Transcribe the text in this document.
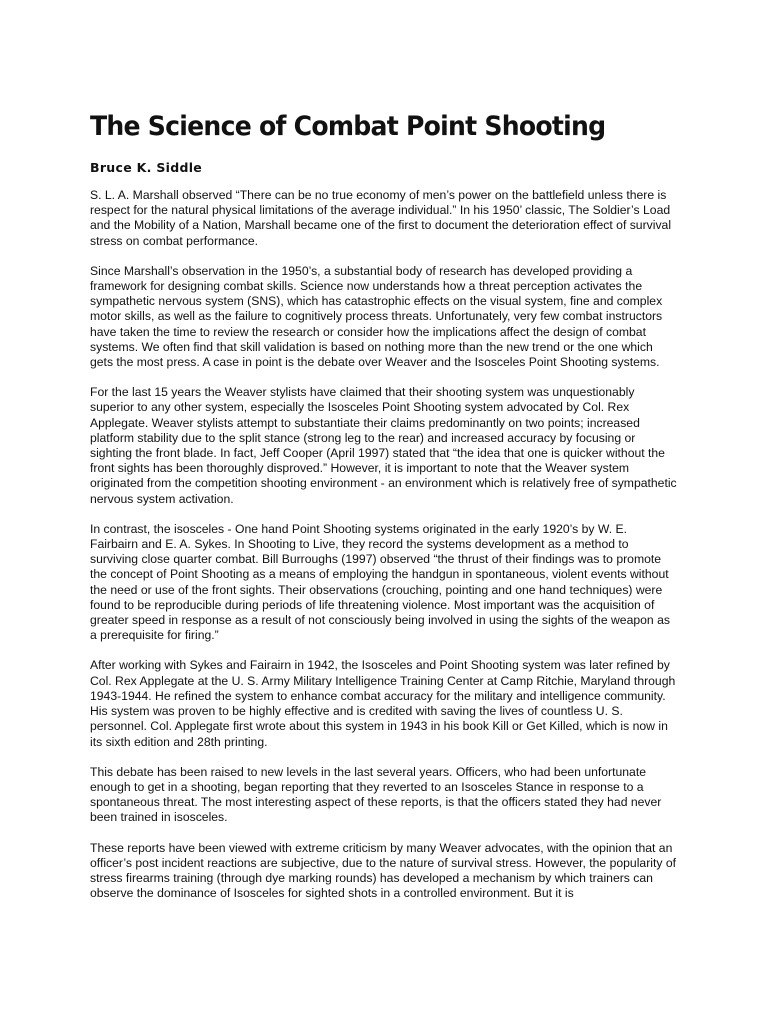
The Science of Combat Point Shooting
Bruce K. Siddle

S. L. A. Marshall observed “There can be no true economy of men’s power on the battlefield unless there is respect for the natural physical limitations of the average individual.” In his 1950’ classic, The Soldier’s Load and the Mobility of a Nation, Marshall became one of the first to document the deterioration effect of survival stress on combat performance.

Since Marshall’s observation in the 1950’s, a substantial body of research has developed providing a framework for designing combat skills. Science now understands how a threat perception activates the sympathetic nervous system (SNS), which has catastrophic effects on the visual system, fine and complex motor skills, as well as the failure to cognitively process threats. Unfortunately, very few combat instructors have taken the time to review the research or consider how the implications affect the design of combat systems. We often find that skill validation is based on nothing more than the new trend or the one which gets the most press. A case in point is the debate over Weaver and the Isosceles Point Shooting systems.

For the last 15 years the Weaver stylists have claimed that their shooting system was unquestionably superior to any other system, especially the Isosceles Point Shooting system advocated by Col. Rex Applegate. Weaver stylists attempt to substantiate their claims predominantly on two points; increased platform stability due to the split stance (strong leg to the rear) and increased accuracy by focusing or sighting the front blade. In fact, Jeff Cooper (April 1997) stated that “the idea that one is quicker without the front sights has been thoroughly disproved.” However, it is important to note that the Weaver system originated from the competition shooting environment - an environment which is relatively free of sympathetic nervous system activation.

In contrast, the isosceles - One hand Point Shooting systems originated in the early 1920’s by W. E. Fairbairn and E. A. Sykes. In Shooting to Live, they record the systems development as a method to surviving close quarter combat. Bill Burroughs (1997) observed “the thrust of their findings was to promote the concept of Point Shooting as a means of employing the handgun in spontaneous, violent events without the need or use of the front sights. Their observations (crouching, pointing and one hand techniques) were found to be reproducible during periods of life threatening violence. Most important was the acquisition of greater speed in response as a result of not consciously being involved in using the sights of the weapon as a prerequisite for firing.”

After working with Sykes and Fairairn in 1942, the Isosceles and Point Shooting system was later refined by Col. Rex Applegate at the U. S. Army Military Intelligence Training Center at Camp Ritchie, Maryland through 1943-1944. He refined the system to enhance combat accuracy for the military and intelligence community. His system was proven to be highly effective and is credited with saving the lives of countless U. S. personnel. Col. Applegate first wrote about this system in 1943 in his book Kill or Get Killed, which is now in its sixth edition and 28th printing.

This debate has been raised to new levels in the last several years. Officers, who had been unfortunate enough to get in a shooting, began reporting that they reverted to an Isosceles Stance in response to a spontaneous threat. The most interesting aspect of these reports, is that the officers stated they had never been trained in isosceles.

These reports have been viewed with extreme criticism by many Weaver advocates, with the opinion that an officer’s post incident reactions are subjective, due to the nature of survival stress. However, the popularity of stress firearms training (through dye marking rounds) has developed a mechanism by which trainers can observe the dominance of Isosceles for sighted shots in a controlled environment. But it is
